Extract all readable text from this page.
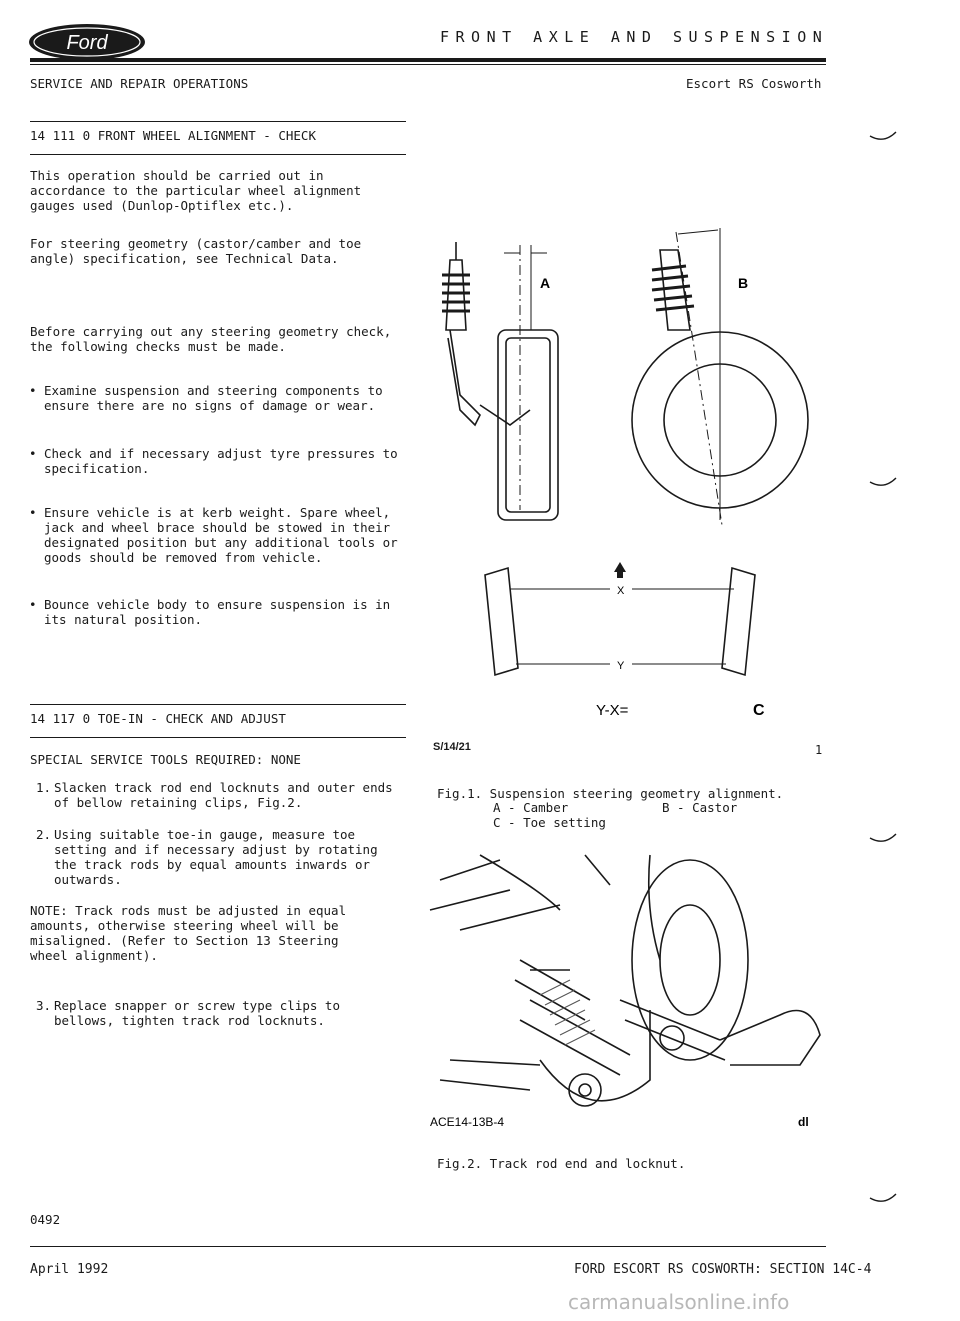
Ford	FRONT AXLE AND SUSPENSION
SERVICE AND REPAIR OPERATIONS	Escort RS Cosworth
14 111 0 FRONT WHEEL ALIGNMENT - CHECK
This operation should be carried out in
accordance to the particular wheel alignment
gauges used (Dunlop-Optiflex etc.).
For steering geometry (castor/camber and toe
angle) specification, see Technical Data.
Before carrying out any steering geometry check,
the following checks must be made.
• Examine suspension and steering components to
ensure there are no signs of damage or wear.
• Check and if necessary adjust tyre pressures to
specification.
• Ensure vehicle is at kerb weight. Spare wheel,
jack and wheel brace should be stowed in their
designated position but any additional tools or
goods should be removed from vehicle.
• Bounce vehicle body to ensure suspension is in
its natural position.
14 117 0 TOE-IN - CHECK AND ADJUST
SPECIAL SERVICE TOOLS REQUIRED: NONE

1. Slacken track rod end locknuts and outer ends
of bellow retaining clips, Fig.2.

2. Using suitable toe-in gauge, measure toe
setting and if necessary adjust by rotating
the track rods by equal amounts inwards or
outwards.

NOTE: Track rods must be adjusted in equal
amounts, otherwise steering wheel will be
misaligned. (Refer to Section 13 Steering
wheel alignment).

3. Replace snapper or screw type clips to
bellows, tighten track rod locknuts.

0492
A	B
X
Y
Y-X=	C
S/14/21	1
Fig.1. Suspension steering geometry alignment.
A - Camber	B - Castor
C - Toe setting
ACE14-13B-4	dl
Fig.2. Track rod end and locknut.
April 1992	FORD ESCORT RS COSWORTH: SECTION 14C-4
carmanualsonline.info
